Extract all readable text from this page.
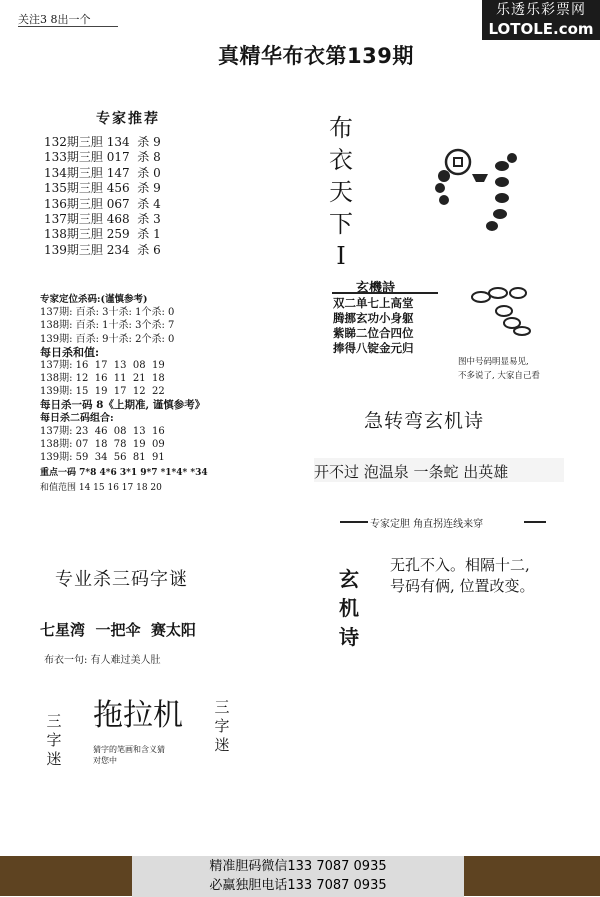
关注3 8出一个
乐透乐彩票网
LOTOLE.com
真精华布衣第139期
专家推荐
132期三胆 134  杀 9
133期三胆 017  杀 8
134期三胆 147  杀 0
135期三胆 456  杀 9
136期三胆 067  杀 4
137期三胆 468  杀 3
138期三胆 259  杀 1
139期三胆 234  杀 6
布
衣
天
下
I
玄機詩
双二单七上高堂
腾挪玄功小身躯
紫睇二位合四位
捧得八锭金元归
图中号码明显易见,
不多说了, 大家自己看
专家定位杀码:(谨慎参考)
137期: 百杀: 3十杀: 1个杀: 0
138期: 百杀: 1十杀: 3个杀: 7
139期: 百杀: 9十杀: 2个杀: 0
每日杀和值:
137期: 16  17  13  08  19
138期: 12  16  11  21  18
139期: 15  19  17  12  22
每日杀一码 8《上期准, 谨慎参考》
每日杀二码组合:
137期: 23  46  08  13  16
138期: 07  18  78  19  09
139期: 59  34  56  81  91
重点一码 7*8 4*6 3*1 9*7 *1*4* *34
和值范围 14 15 16 17 18 20
急转弯玄机诗
开不过 泡温泉 一条蛇 出英雄
专家定胆 角直拐连线来穿
玄
机
诗
无孔不入。相隔十二,
号码有俩, 位置改变。
专业杀三码字谜
七星湾  一把伞  赛太阳
布衣一句: 有人难过美人肚
三
字
迷
拖拉机
猜字的笔画和含义猜
对您中
三
字
迷
精准胆码微信133 7087 0935
必赢独胆电话133 7087 0935
